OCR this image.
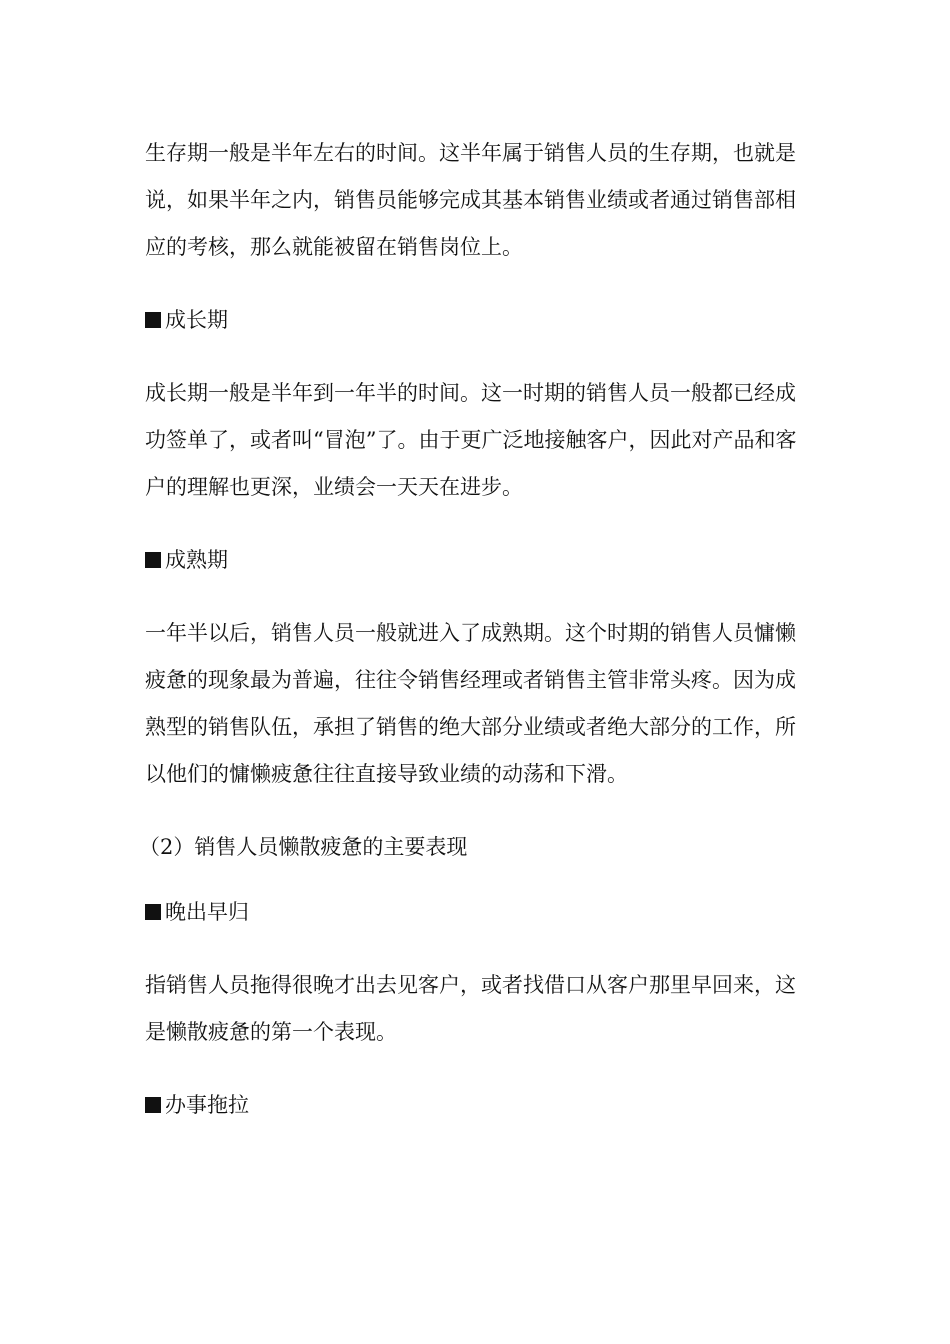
生存期一般是半年左右的时间。这半年属于销售人员的生存期，也就是说，如果半年之内，销售员能够完成其基本销售业绩或者通过销售部相应的考核，那么就能被留在销售岗位上。

成长期

成长期一般是半年到一年半的时间。这一时期的销售人员一般都已经成功签单了，或者叫“冒泡”了。由于更广泛地接触客户，因此对产品和客户的理解也更深，业绩会一天天在进步。

成熟期

一年半以后，销售人员一般就进入了成熟期。这个时期的销售人员慵懒疲惫的现象最为普遍，往往令销售经理或者销售主管非常头疼。因为成熟型的销售队伍，承担了销售的绝大部分业绩或者绝大部分的工作，所以他们的慵懒疲惫往往直接导致业绩的动荡和下滑。

（2）销售人员懒散疲惫的主要表现

晚出早归

指销售人员拖得很晚才出去见客户，或者找借口从客户那里早回来，这是懒散疲惫的第一个表现。

办事拖拉
